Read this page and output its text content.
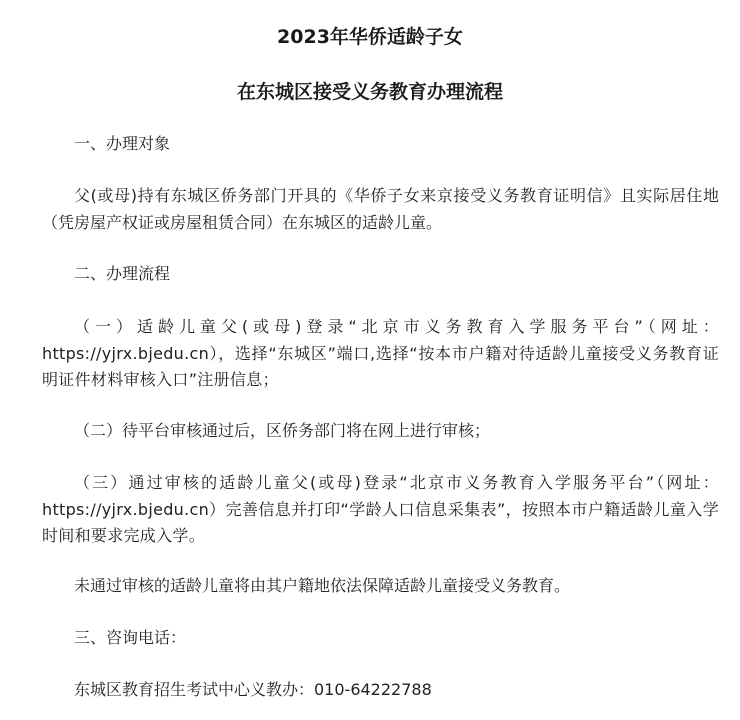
2023年华侨适龄子女
在东城区接受义务教育办理流程

一、办理对象

父(或母)持有东城区侨务部门开具的《华侨子女来京接受义务教育证明信》且实际居住地（凭房屋产权证或房屋租赁合同）在东城区的适龄儿童。

二、办理流程

（一）适龄儿童父(或母)登录“北京市义务教育入学服务平台”（网址：https://yjrx.bjedu.cn），选择“东城区”端口,选择“按本市户籍对待适龄儿童接受义务教育证明证件材料审核入口”注册信息；

（二）待平台审核通过后，区侨务部门将在网上进行审核；

（三）通过审核的适龄儿童父(或母)登录“北京市义务教育入学服务平台”（网址：https://yjrx.bjedu.cn）完善信息并打印“学龄人口信息采集表”，按照本市户籍适龄儿童入学时间和要求完成入学。

未通过审核的适龄儿童将由其户籍地依法保障适龄儿童接受义务教育。

三、咨询电话：

东城区教育招生考试中心义教办：010-64222788
